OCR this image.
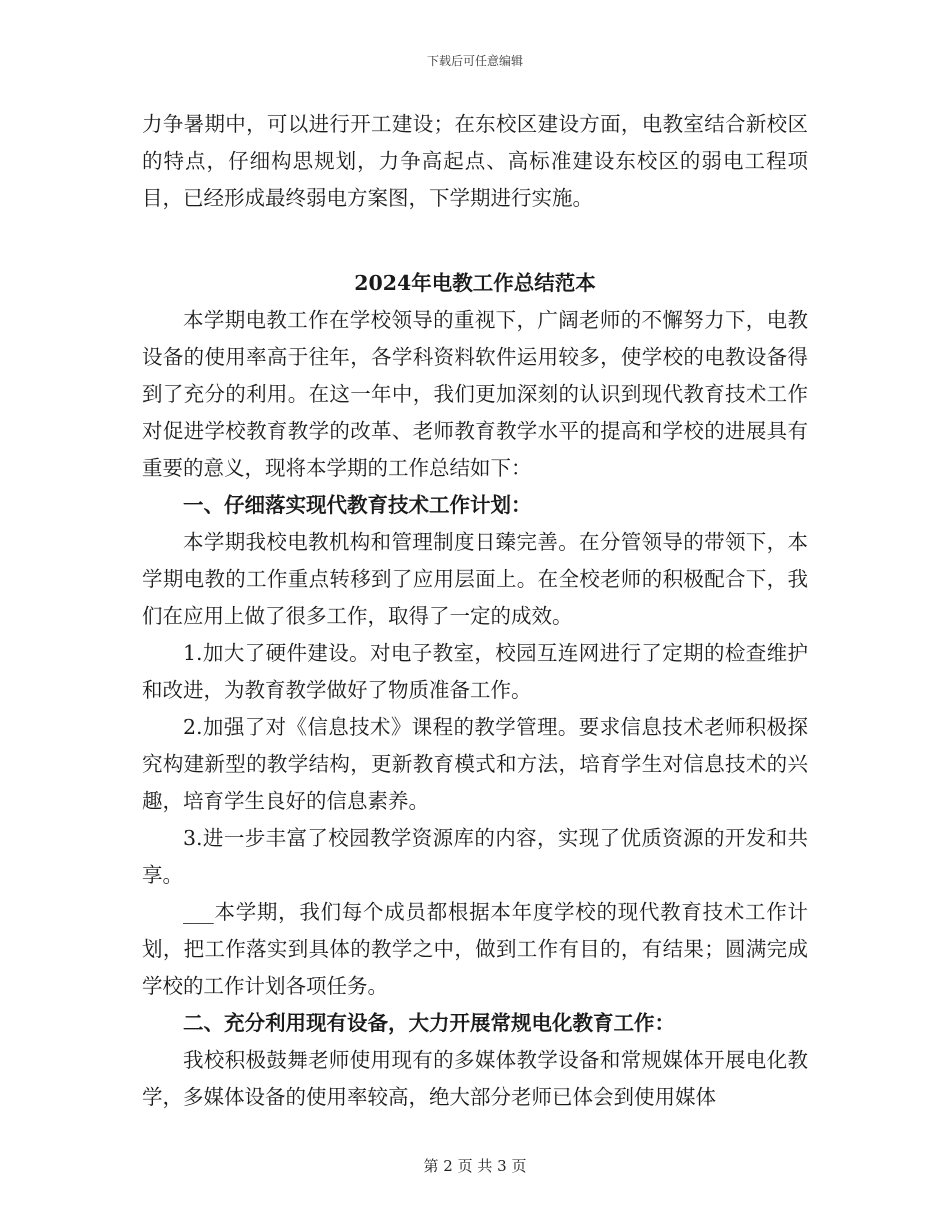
下载后可任意编辑

力争暑期中，可以进行开工建设；在东校区建设方面，电教室结合新校区的特点，仔细构思规划，力争高起点、高标准建设东校区的弱电工程项目，已经形成最终弱电方案图，下学期进行实施。

2024年电教工作总结范本

本学期电教工作在学校领导的重视下，广阔老师的不懈努力下，电教设备的使用率高于往年，各学科资料软件运用较多，使学校的电教设备得到了充分的利用。在这一年中，我们更加深刻的认识到现代教育技术工作对促进学校教育教学的改革、老师教育教学水平的提高和学校的进展具有重要的意义，现将本学期的工作总结如下：

一、仔细落实现代教育技术工作计划：

本学期我校电教机构和管理制度日臻完善。在分管领导的带领下，本学期电教的工作重点转移到了应用层面上。在全校老师的积极配合下，我们在应用上做了很多工作，取得了一定的成效。

1.加大了硬件建设。对电子教室，校园互连网进行了定期的检查维护和改进，为教育教学做好了物质准备工作。

2.加强了对《信息技术》课程的教学管理。要求信息技术老师积极探究构建新型的教学结构，更新教育模式和方法，培育学生对信息技术的兴趣，培育学生良好的信息素养。

3.进一步丰富了校园教学资源库的内容，实现了优质资源的开发和共享。

___本学期，我们每个成员都根据本年度学校的现代教育技术工作计划，把工作落实到具体的教学之中，做到工作有目的，有结果；圆满完成学校的工作计划各项任务。

二、充分利用现有设备，大力开展常规电化教育工作：

我校积极鼓舞老师使用现有的多媒体教学设备和常规媒体开展电化教学，多媒体设备的使用率较高，绝大部分老师已体会到使用媒体

第 2 页 共 3 页
